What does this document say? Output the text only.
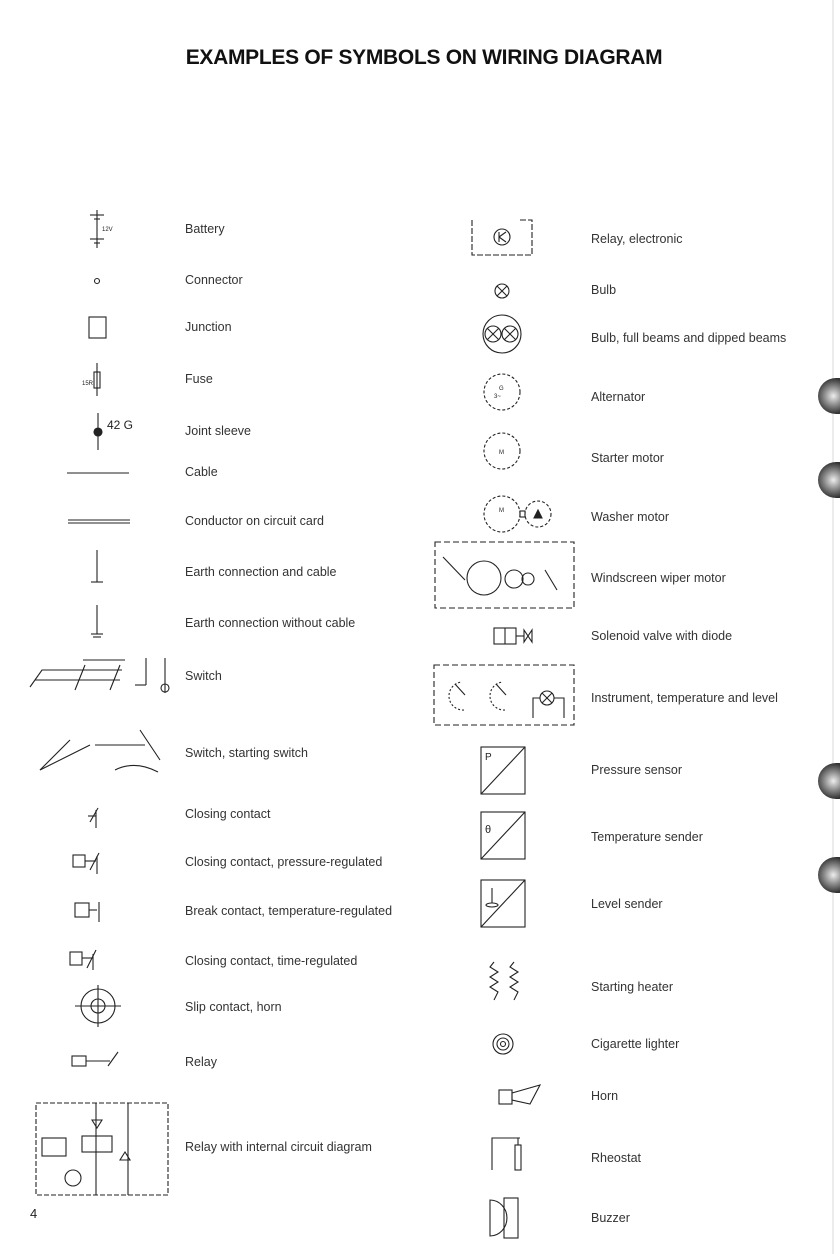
EXAMPLES OF SYMBOLS ON WIRING DIAGRAM
Battery
Connector
Junction
Fuse
Joint sleeve
Cable
Conductor on circuit card
Earth connection and cable
Earth connection without cable
Switch
Switch, starting switch
Closing contact
Closing contact, pressure-regulated
Break contact, temperature-regulated
Closing contact, time-regulated
Slip contact, horn
Relay
Relay with internal circuit diagram
Relay, electronic
Bulb
Bulb, full beams and dipped beams
Alternator
Starter motor
Washer motor
Windscreen wiper motor
Solenoid valve with diode
Instrument, temperature and level
Pressure sensor
Temperature sender
Level sender
Starting heater
Cigarette lighter
Horn
Rheostat
Buzzer
12V
15R
42 G
G
3~
M
M
P
θ
4
